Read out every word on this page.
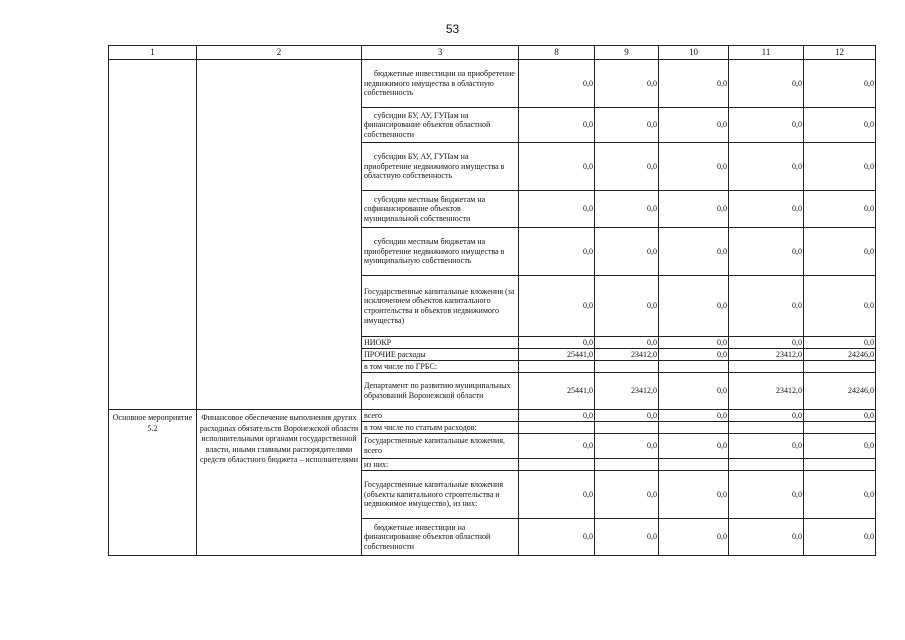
53
1	2	3	8	9	10	11	12
		бюджетные инвестиции на приобретение недвижимого имущества в областную собственность	0,0	0,0	0,0	0,0	0,0
		субсидии БУ, АУ, ГУПам на финансирование объектов областной собственности	0,0	0,0	0,0	0,0	0,0
		субсидии БУ, АУ, ГУПам на приобретение недвижимого имущества в областную собственность	0,0	0,0	0,0	0,0	0,0
		субсидии местным бюджетам на софинансирование объектов муниципальной собственности	0,0	0,0	0,0	0,0	0,0
		субсидии местным бюджетам на приобретение недвижимого имущества в муниципальную собственность	0,0	0,0	0,0	0,0	0,0
		Государственные капитальные вложения (за исключением объектов капитального строительства и объектов недвижимого имущества)	0,0	0,0	0,0	0,0	0,0
		НИОКР	0,0	0,0	0,0	0,0	0,0
		ПРОЧИЕ расходы	25441,0	23412,0	0,0	23412,0	24246,0
		в том числе по ГРБС:					
		Департамент по развитию муниципальных образований Воронежской области	25441,0	23412,0	0,0	23412,0	24246,0
Основное мероприятие 5.2	Финансовое обеспечение выполнения других расходных обязательств Воронежской области исполнительными органами государственной власти, иными главными распорядителями средств областного бюджета – исполнителями	всего	0,0	0,0	0,0	0,0	0,0
		в том числе по статьям расходов:					
		Государственные капитальные вложения, всего	0,0	0,0	0,0	0,0	0,0
		из них:					
		Государственные капитальные вложения (объекты капитального строительства и недвижимое имущество), из них:	0,0	0,0	0,0	0,0	0,0
		бюджетные инвестиции на финансирование объектов областной собственности	0,0	0,0	0,0	0,0	0,0
